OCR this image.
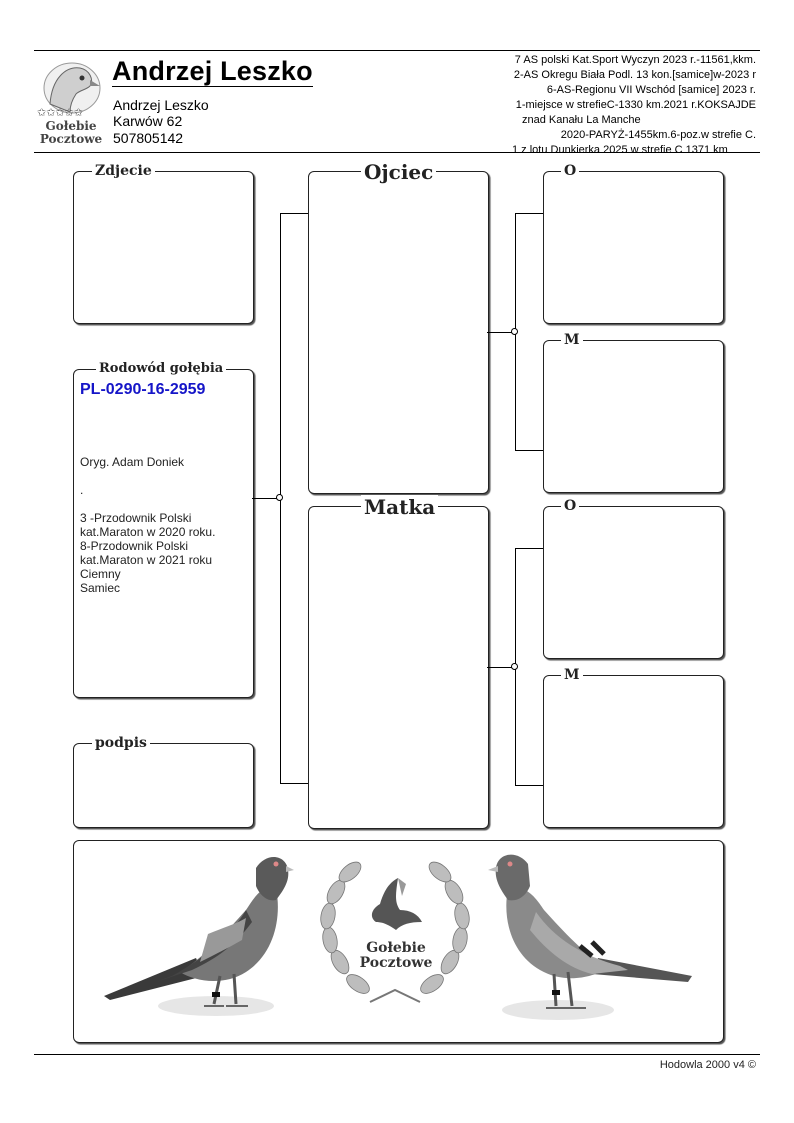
✩✩✩✩✩
Gołebie
Pocztowe
Andrzej Leszko
Andrzej Leszko
Karwów 62
507805142
7 AS polski Kat.Sport Wyczyn 2023 r.-11561,kkm.
2-AS Okregu Biała Podl. 13 kon.[samice]w-2023 r
6-AS-Regionu VII Wschód [samice] 2023 r.
1-miejsce w strefieC-1330 km.2021 r.KOKSAJDE
znad Kanału La Manche
2020-PARYŻ-1455km.6-poz.w strefie C.
1 z lotu Dunkierka 2025 w strefie C 1371 km
Zdjecie
Rodowód gołębia
PL-0290-16-2959
Oryg. Adam Doniek
.
3 -Przodownik Polski
kat.Maraton w 2020 roku.
8-Przodownik Polski
kat.Maraton w 2021 roku
Ciemny
Samiec
podpis
Ojciec
Matka
O
M
O
M
Gołebie
Pocztowe
Hodowla 2000 v4 ©
